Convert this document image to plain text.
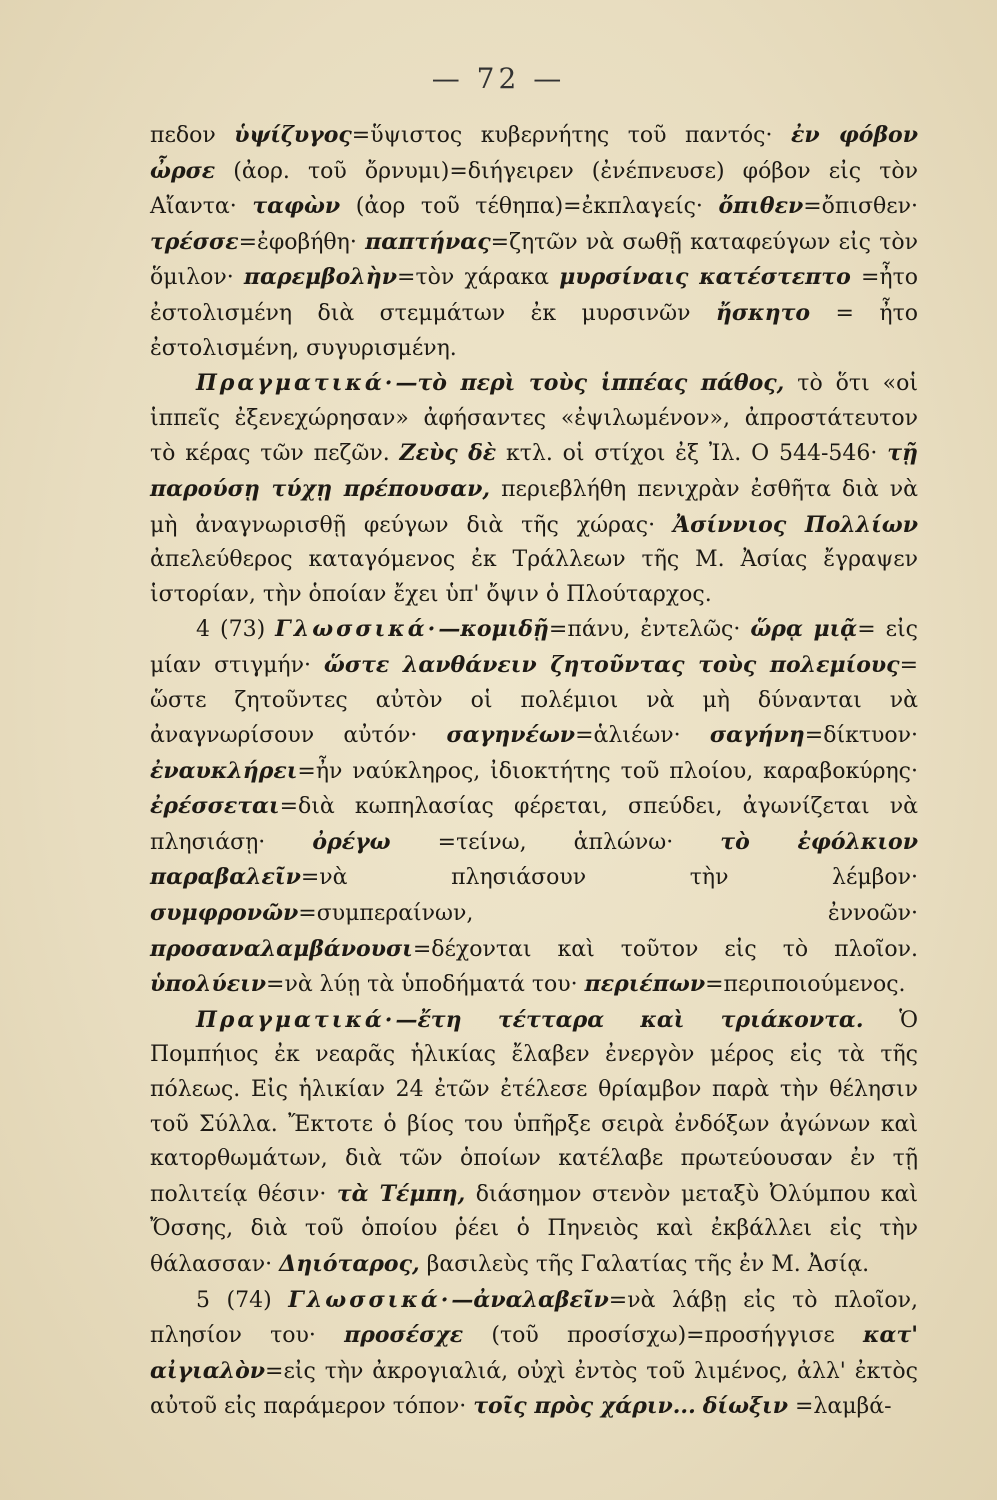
— 72 —

πεδον ὑψίζυγος=ὕψιστος κυβερνήτης τοῦ παντός· ἐν φόβον ὦρσε (ἀορ. τοῦ ὄρνυμι)=διήγειρεν (ἐνέπνευσε) φόβον εἰς τὸν Αἴαντα· ταφὼν (ἀορ τοῦ τέθηπα)=ἐκπλαγείς· ὄπιθεν=ὄπισθεν· τρέσσε=ἐφοβήθη· παπτήνας=ζητῶν νὰ σωθῇ καταφεύγων εἰς τὸν ὅμιλον· παρεμβολὴν=τὸν χάρακα μυρσίναις κατέστεπτο =ἦτο ἐστολισμένη διὰ στεμμάτων ἐκ μυρσινῶν ἤσκητο = ἦτο ἐστολισμένη, συγυρισμένη.

Πραγματικά·—τὸ περὶ τοὺς ἱππέας πάθος, τὸ ὅτι «οἱ ἱππεῖς ἐξενεχώρησαν» ἀφήσαντες «ἐψιλωμένον», ἀπροστάτευτον τὸ κέρας τῶν πεζῶν. Ζεὺς δὲ κτλ. οἱ στίχοι ἐξ Ἰλ. Ο 544-546· τῇ παρούσῃ τύχῃ πρέπουσαν, περιεβλήθη πενιχρὰν ἐσθῆτα διὰ νὰ μὴ ἀναγνωρισθῇ φεύγων διὰ τῆς χώρας· Ἀσίννιος Πολλίων ἀπελεύθερος καταγόμενος ἐκ Τράλλεων τῆς Μ. Ἀσίας ἔγραψεν ἱστορίαν, τὴν ὁποίαν ἔχει ὑπ' ὄψιν ὁ Πλούταρχος.

4 (73) Γλωσσικά·—κομιδῇ=πάνυ, ἐντελῶς· ὥρᾳ μιᾷ= εἰς μίαν στιγμήν· ὥστε λανθάνειν ζητοῦντας τοὺς πολεμίους= ὥστε ζητοῦντες αὐτὸν οἱ πολέμιοι νὰ μὴ δύνανται νὰ ἀναγνωρίσουν αὐτόν· σαγηνέων=ἁλιέων· σαγήνη=δίκτυον· ἐναυκλήρει=ἦν ναύκληρος, ἰδιοκτήτης τοῦ πλοίου, καραβοκύρης· ἐρέσσεται=διὰ κωπηλασίας φέρεται, σπεύδει, ἀγωνίζεται νὰ πλησιάσῃ· ὀρέγω =τείνω, ἁπλώνω· τὸ ἐφόλκιον παραβαλεῖν=νὰ πλησιάσουν τὴν λέμβον· συμφρονῶν=συμπεραίνων, ἐννοῶν· προσαναλαμβάνουσι=δέχονται καὶ τοῦτον εἰς τὸ πλοῖον. ὑπολύειν=νὰ λύῃ τὰ ὑποδήματά του· περιέπων=περιποιούμενος.

Πραγματικά·—ἔτη τέτταρα καὶ τριάκοντα. Ὁ Πομπήιος ἐκ νεαρᾶς ἡλικίας ἔλαβεν ἐνεργὸν μέρος εἰς τὰ τῆς πόλεως. Εἰς ἡλικίαν 24 ἐτῶν ἐτέλεσε θρίαμβον παρὰ τὴν θέλησιν τοῦ Σύλλα. Ἔκτοτε ὁ βίος του ὑπῆρξε σειρὰ ἐνδόξων ἀγώνων καὶ κατορθωμάτων, διὰ τῶν ὁποίων κατέλαβε πρωτεύουσαν ἐν τῇ πολιτείᾳ θέσιν· τὰ Τέμπη, διάσημον στενὸν μεταξὺ Ὀλύμπου καὶ Ὄσσης, διὰ τοῦ ὁποίου ῥέει ὁ Πηνειὸς καὶ ἐκβάλλει εἰς τὴν θάλασσαν· Δηιόταρος, βασιλεὺς τῆς Γαλατίας τῆς ἐν Μ. Ἀσίᾳ.

5 (74) Γλωσσικά·—ἀναλαβεῖν=νὰ λάβῃ εἰς τὸ πλοῖον, πλησίον του· προσέσχε (τοῦ προσίσχω)=προσήγγισε κατ' αἰγιαλὸν=εἰς τὴν ἀκρογιαλιά, οὐχὶ ἐντὸς τοῦ λιμένος, ἀλλ' ἐκτὸς αὐτοῦ εἰς παράμερον τόπον· τοῖς πρὸς χάριν... δίωξιν =λαμβά-
